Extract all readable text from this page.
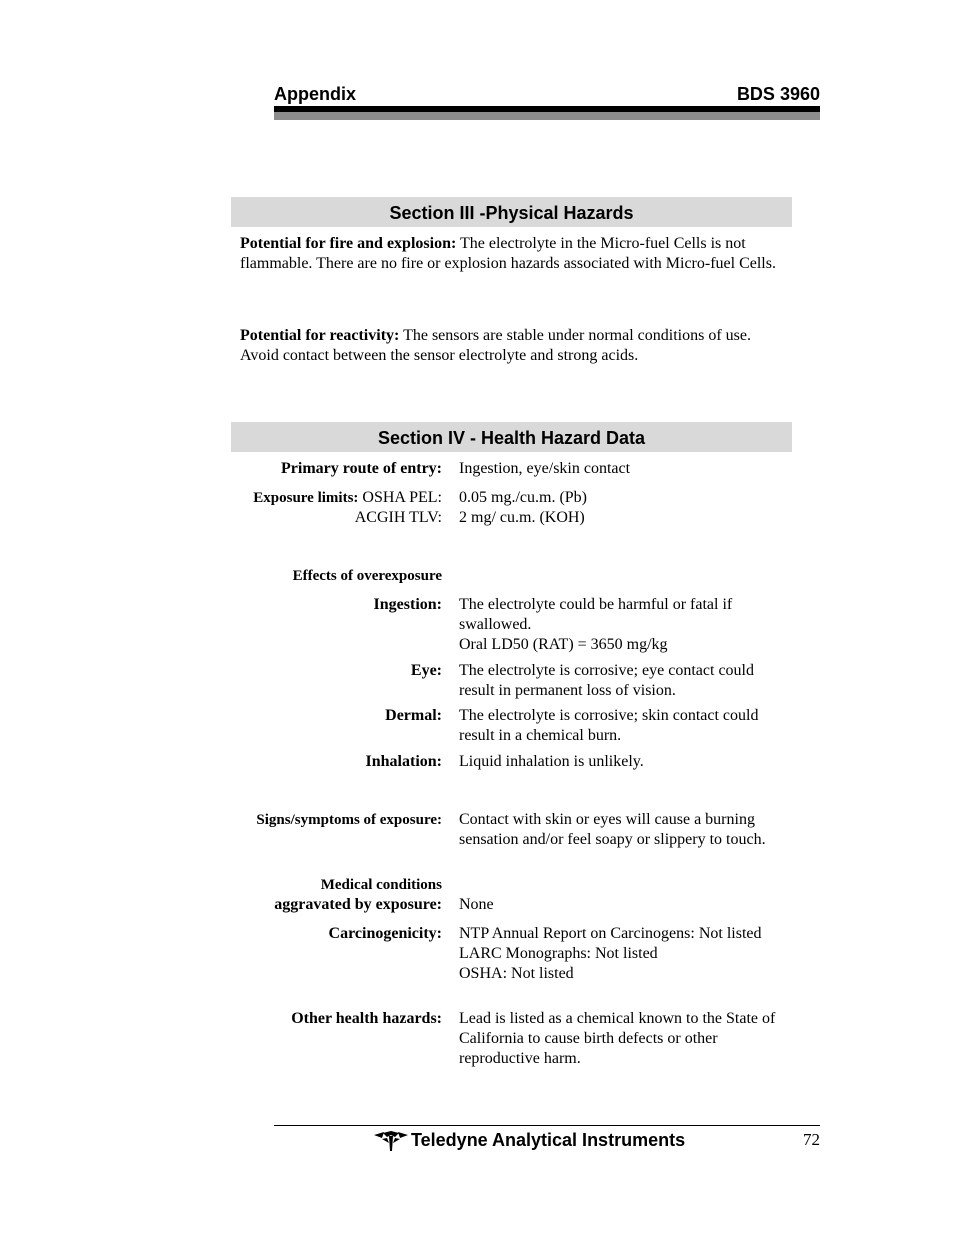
Appendix	BDS 3960
Section III -Physical Hazards
Potential for fire and explosion: The electrolyte in the Micro-fuel Cells is not flammable. There are no fire or explosion hazards associated with Micro-fuel Cells.
Potential for reactivity: The sensors are stable under normal conditions of use. Avoid contact between the sensor electrolyte and strong acids.
Section IV - Health Hazard Data
Primary route of entry: Ingestion, eye/skin contact
Exposure limits: OSHA PEL: 0.05 mg./cu.m. (Pb)
ACGIH TLV: 2 mg/ cu.m. (KOH)
Effects of overexposure
Ingestion: The electrolyte could be harmful or fatal if swallowed.
Oral LD50 (RAT) = 3650 mg/kg
Eye: The electrolyte is corrosive; eye contact could result in permanent loss of vision.
Dermal: The electrolyte is corrosive; skin contact could result in a chemical burn.
Inhalation: Liquid inhalation is unlikely.
Signs/symptoms of exposure: Contact with skin or eyes will cause a burning sensation and/or feel soapy or slippery to touch.
Medical conditions
aggravated by exposure: None
Carcinogenicity: NTP Annual Report on Carcinogens: Not listed
LARC Monographs: Not listed
OSHA: Not listed
Other health hazards: Lead is listed as a chemical known to the State of California to cause birth defects or other reproductive harm.
Teledyne Analytical Instruments	72
